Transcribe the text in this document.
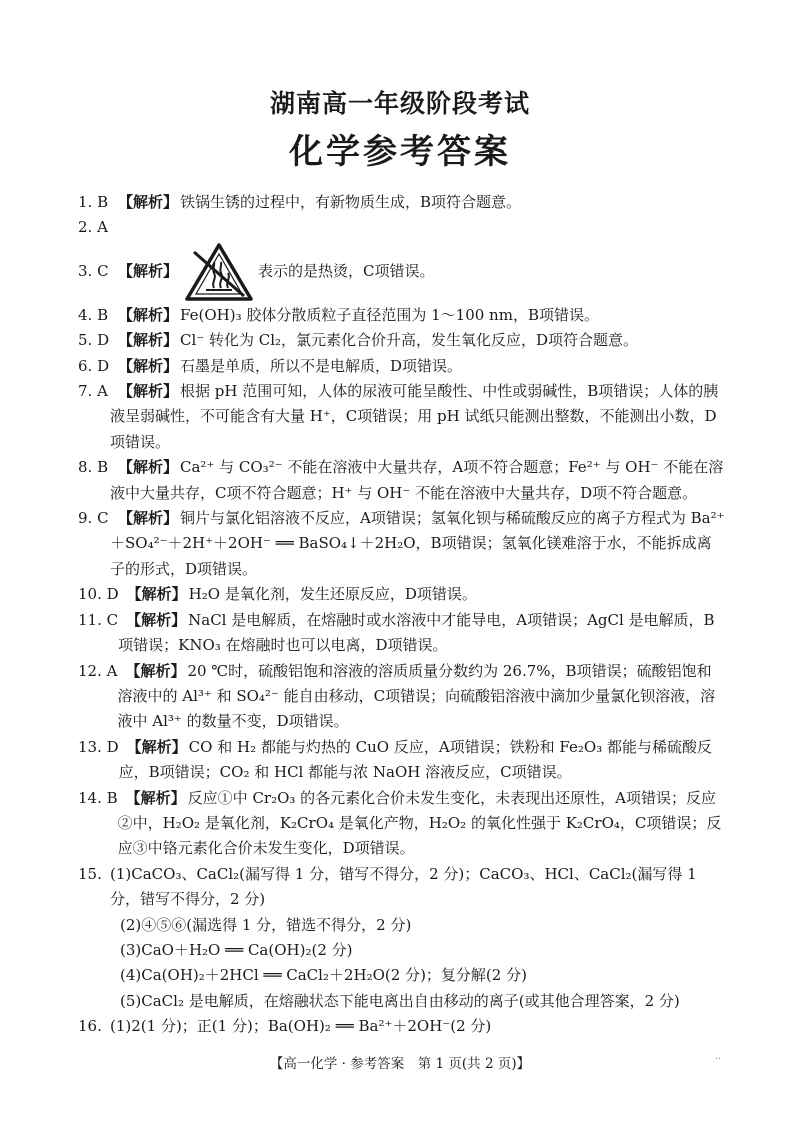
湖南高一年级阶段考试
化学参考答案
1. B 【解析】 铁锅生锈的过程中，有新物质生成，B项符合题意。
2. A
3. C 【解析】	表示的是热烫，C项错误。
4. B 【解析】 Fe(OH)₃ 胶体分散质粒子直径范围为 1～100 nm，B项错误。
5. D 【解析】 Cl⁻ 转化为 Cl₂，氯元素化合价升高，发生氧化反应，D项符合题意。
6. D 【解析】 石墨是单质，所以不是电解质，D项错误。
7. A 【解析】 根据 pH 范围可知，人体的尿液可能呈酸性、中性或弱碱性，B项错误；人体的胰液呈弱碱性，不可能含有大量 H⁺，C项错误；用 pH 试纸只能测出整数，不能测出小数，D项错误。
8. B 【解析】 Ca²⁺ 与 CO₃²⁻ 不能在溶液中大量共存，A项不符合题意；Fe²⁺ 与 OH⁻ 不能在溶液中大量共存，C项不符合题意；H⁺ 与 OH⁻ 不能在溶液中大量共存，D项不符合题意。
9. C 【解析】 铜片与氯化铝溶液不反应，A项错误；氢氧化钡与稀硫酸反应的离子方程式为 Ba²⁺＋SO₄²⁻＋2H⁺＋2OH⁻ ══ BaSO₄↓＋2H₂O，B项错误；氢氧化镁难溶于水，不能拆成离子的形式，D项错误。
10. D 【解析】 H₂O 是氧化剂，发生还原反应，D项错误。
11. C 【解析】 NaCl 是电解质，在熔融时或水溶液中才能导电，A项错误；AgCl 是电解质，B项错误；KNO₃ 在熔融时也可以电离，D项错误。
12. A 【解析】 20 ℃时，硫酸铝饱和溶液的溶质质量分数约为 26.7%，B项错误；硫酸铝饱和溶液中的 Al³⁺ 和 SO₄²⁻ 能自由移动，C项错误；向硫酸铝溶液中滴加少量氯化钡溶液，溶液中 Al³⁺ 的数量不变，D项错误。
13. D 【解析】 CO 和 H₂ 都能与灼热的 CuO 反应，A项错误；铁粉和 Fe₂O₃ 都能与稀硫酸反应，B项错误；CO₂ 和 HCl 都能与浓 NaOH 溶液反应，C项错误。
14. B 【解析】 反应①中 Cr₂O₃ 的各元素化合价未发生变化，未表现出还原性，A项错误；反应②中，H₂O₂ 是氧化剂，K₂CrO₄ 是氧化产物，H₂O₂ 的氧化性强于 K₂CrO₄，C项错误；反应③中铬元素化合价未发生变化，D项错误。
15. (1)CaCO₃、CaCl₂(漏写得 1 分，错写不得分，2 分)；CaCO₃、HCl、CaCl₂(漏写得 1 分，错写不得分，2 分)
(2)④⑤⑥(漏选得 1 分，错选不得分，2 分)
(3)CaO＋H₂O ══ Ca(OH)₂(2 分)
(4)Ca(OH)₂＋2HCl ══ CaCl₂＋2H₂O(2 分)；复分解(2 分)
(5)CaCl₂ 是电解质，在熔融状态下能电离出自由移动的离子(或其他合理答案，2 分)
16. (1)2(1 分)；正(1 分)；Ba(OH)₂ ══ Ba²⁺＋2OH⁻(2 分)
【高一化学 · 参考答案　第 1 页(共 2 页)】	··
